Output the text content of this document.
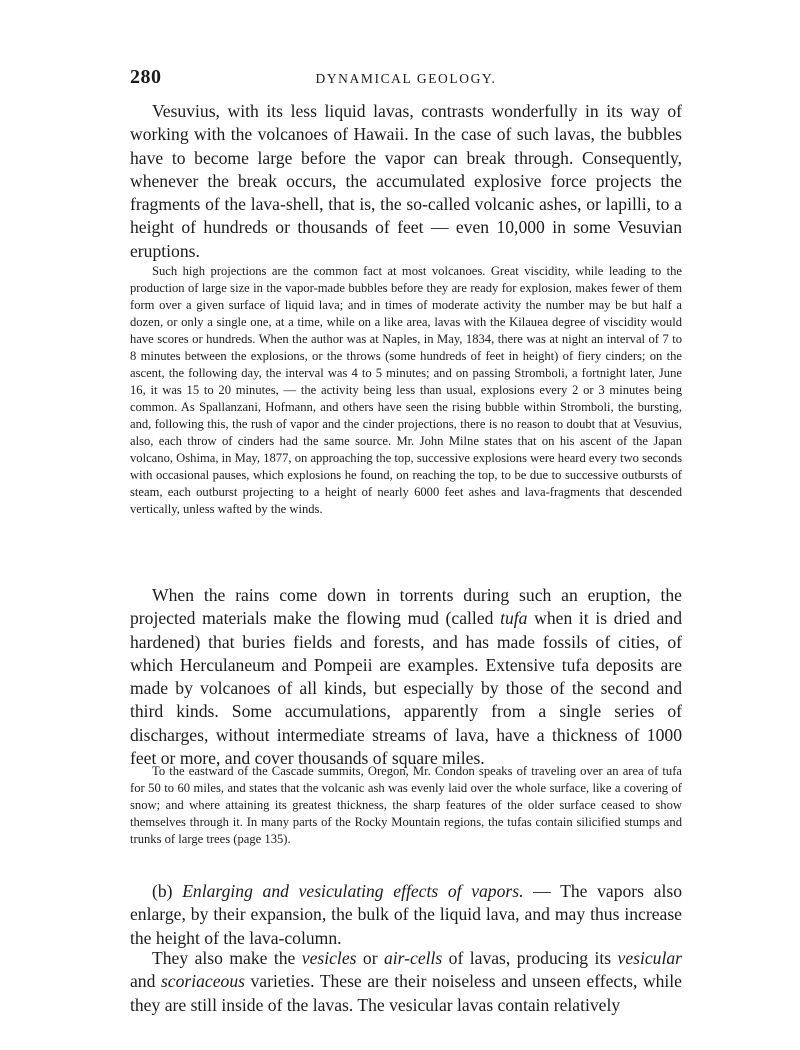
280	DYNAMICAL GEOLOGY.

Vesuvius, with its less liquid lavas, contrasts wonderfully in its way of working with the volcanoes of Hawaii. In the case of such lavas, the bubbles have to become large before the vapor can break through. Consequently, whenever the break occurs, the accumulated explosive force projects the fragments of the lava-shell, that is, the so-called volcanic ashes, or lapilli, to a height of hundreds or thousands of feet — even 10,000 in some Vesuvian eruptions.

Such high projections are the common fact at most volcanoes. Great viscidity, while leading to the production of large size in the vapor-made bubbles before they are ready for explosion, makes fewer of them form over a given surface of liquid lava; and in times of moderate activity the number may be but half a dozen, or only a single one, at a time, while on a like area, lavas with the Kilauea degree of viscidity would have scores or hundreds. When the author was at Naples, in May, 1834, there was at night an interval of 7 to 8 minutes between the explosions, or the throws (some hundreds of feet in height) of fiery cinders; on the ascent, the following day, the interval was 4 to 5 minutes; and on passing Stromboli, a fortnight later, June 16, it was 15 to 20 minutes, — the activity being less than usual, explosions every 2 or 3 minutes being common. As Spallanzani, Hofmann, and others have seen the rising bubble within Stromboli, the bursting, and, following this, the rush of vapor and the cinder projections, there is no reason to doubt that at Vesuvius, also, each throw of cinders had the same source. Mr. John Milne states that on his ascent of the Japan volcano, Oshima, in May, 1877, on approaching the top, successive explosions were heard every two seconds with occasional pauses, which explosions he found, on reaching the top, to be due to successive outbursts of steam, each outburst projecting to a height of nearly 6000 feet ashes and lava-fragments that descended vertically, unless wafted by the winds.

When the rains come down in torrents during such an eruption, the projected materials make the flowing mud (called tufa when it is dried and hardened) that buries fields and forests, and has made fossils of cities, of which Herculaneum and Pompeii are examples. Extensive tufa deposits are made by volcanoes of all kinds, but especially by those of the second and third kinds. Some accumulations, apparently from a single series of discharges, without intermediate streams of lava, have a thickness of 1000 feet or more, and cover thousands of square miles.

To the eastward of the Cascade summits, Oregon, Mr. Condon speaks of traveling over an area of tufa for 50 to 60 miles, and states that the volcanic ash was evenly laid over the whole surface, like a covering of snow; and where attaining its greatest thickness, the sharp features of the older surface ceased to show themselves through it. In many parts of the Rocky Mountain regions, the tufas contain silicified stumps and trunks of large trees (page 135).

(b) Enlarging and vesiculating effects of vapors. — The vapors also enlarge, by their expansion, the bulk of the liquid lava, and may thus increase the height of the lava-column.

They also make the vesicles or air-cells of lavas, producing its vesicular and scoriaceous varieties. These are their noiseless and unseen effects, while they are still inside of the lavas. The vesicular lavas contain relatively
